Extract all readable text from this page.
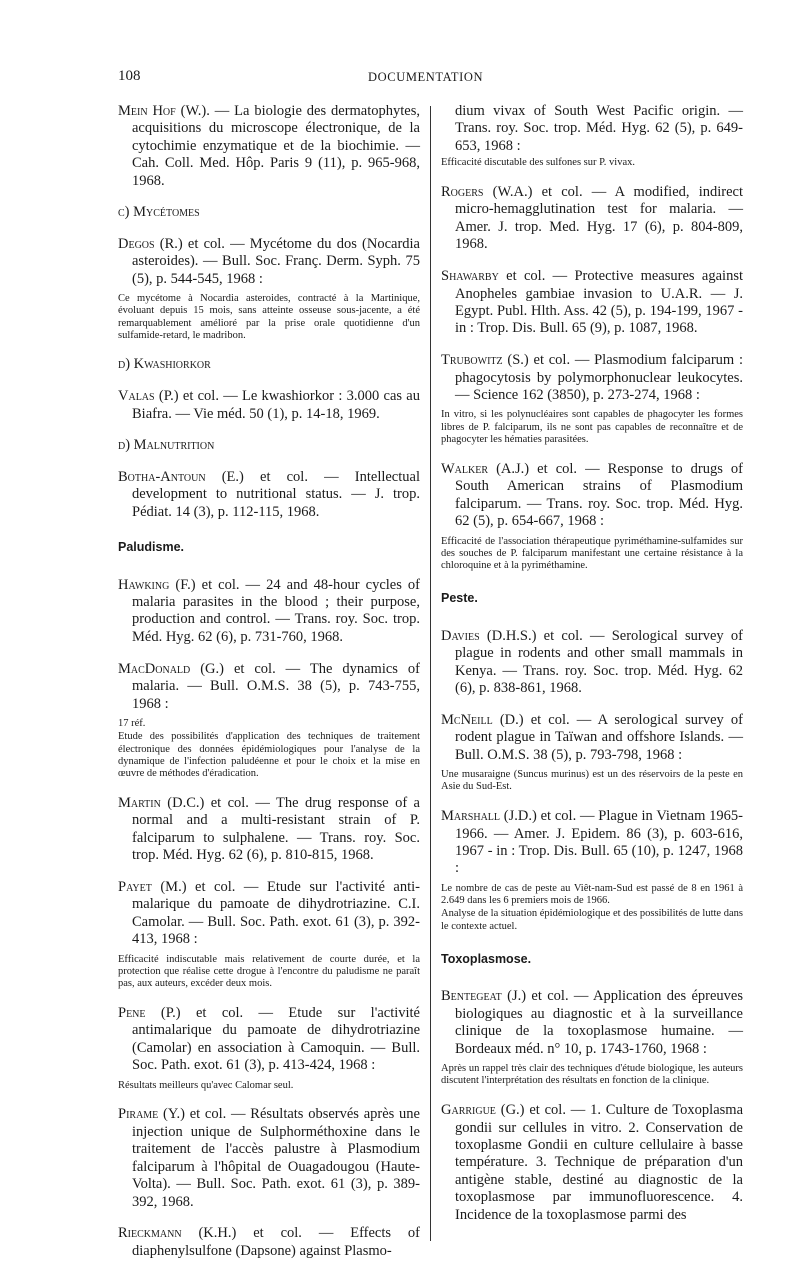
108	DOCUMENTATION

Mein Hof (W.). — La biologie des dermatophytes, acquisitions du microscope électronique, de la cytochimie enzymatique et de la biochimie. — Cah. Coll. Med. Hôp. Paris 9 (11), p. 965-968, 1968.

c) Mycétomes

Degos (R.) et col. — Mycétome du dos (Nocardia asteroides). — Bull. Soc. Franç. Derm. Syph. 75 (5), p. 544-545, 1968 :

Ce mycétome à Nocardia asteroides, contracté à la Martinique, évoluant depuis 15 mois, sans atteinte osseuse sous-jacente, a été remarquablement amélioré par la prise orale quotidienne d'un sulfamide-retard, le madribon.

d) Kwashiorkor

Valas (P.) et col. — Le kwashiorkor : 3.000 cas au Biafra. — Vie méd. 50 (1), p. 14-18, 1969.

d) Malnutrition

Botha-Antoun (E.) et col. — Intellectual development to nutritional status. — J. trop. Pédiat. 14 (3), p. 112-115, 1968.

Paludisme.

Hawking (F.) et col. — 24 and 48-hour cycles of malaria parasites in the blood ; their purpose, production and control. — Trans. roy. Soc. trop. Méd. Hyg. 62 (6), p. 731-760, 1968.

MacDonald (G.) et col. — The dynamics of malaria. — Bull. O.M.S. 38 (5), p. 743-755, 1968 :

17 réf.

Etude des possibilités d'application des techniques de traitement électronique des données épidémiologiques pour l'analyse de la dynamique de l'infection paludéenne et pour le choix et la mise en œuvre de méthodes d'éradication.

Martin (D.C.) et col. — The drug response of a normal and a multi-resistant strain of P. falciparum to sulphalene. — Trans. roy. Soc. trop. Méd. Hyg. 62 (6), p. 810-815, 1968.

Payet (M.) et col. — Etude sur l'activité anti-malarique du pamoate de dihydrotriazine. C.I. Camolar. — Bull. Soc. Path. exot. 61 (3), p. 392-413, 1968 :

Efficacité indiscutable mais relativement de courte durée, et la protection que réalise cette drogue à l'encontre du paludisme ne paraît pas, aux auteurs, excéder deux mois.

Pene (P.) et col. — Etude sur l'activité antimalarique du pamoate de dihydrotriazine (Camolar) en association à Camoquin. — Bull. Soc. Path. exot. 61 (3), p. 413-424, 1968 :

Résultats meilleurs qu'avec Calomar seul.

Pirame (Y.) et col. — Résultats observés après une injection unique de Sulphorméthoxine dans le traitement de l'accès palustre à Plasmodium falciparum à l'hôpital de Ouagadougou (Haute-Volta). — Bull. Soc. Path. exot. 61 (3), p. 389-392, 1968.

Rieckmann (K.H.) et col. — Effects of diaphenylsulfone (Dapsone) against Plasmo-

dium vivax of South West Pacific origin. — Trans. roy. Soc. trop. Méd. Hyg. 62 (5), p. 649-653, 1968 :

Efficacité discutable des sulfones sur P. vivax.

Rogers (W.A.) et col. — A modified, indirect micro-hemagglutination test for malaria. — Amer. J. trop. Med. Hyg. 17 (6), p. 804-809, 1968.

Shawarby et col. — Protective measures against Anopheles gambiae invasion to U.A.R. — J. Egypt. Publ. Hlth. Ass. 42 (5), p. 194-199, 1967 - in : Trop. Dis. Bull. 65 (9), p. 1087, 1968.

Trubowitz (S.) et col. — Plasmodium falciparum : phagocytosis by polymorphonuclear leukocytes. — Science 162 (3850), p. 273-274, 1968 :

In vitro, si les polynucléaires sont capables de phagocyter les formes libres de P. falciparum, ils ne sont pas capables de reconnaître et de phagocyter les hématies parasitées.

Walker (A.J.) et col. — Response to drugs of South American strains of Plasmodium falciparum. — Trans. roy. Soc. trop. Méd. Hyg. 62 (5), p. 654-667, 1968 :

Efficacité de l'association thérapeutique pyriméthamine-sulfamides sur des souches de P. falciparum manifestant une certaine résistance à la chloroquine et à la pyriméthamine.

Peste.

Davies (D.H.S.) et col. — Serological survey of plague in rodents and other small mammals in Kenya. — Trans. roy. Soc. trop. Méd. Hyg. 62 (6), p. 838-861, 1968.

McNeill (D.) et col. — A serological survey of rodent plague in Taïwan and offshore Islands. — Bull. O.M.S. 38 (5), p. 793-798, 1968 :

Une musaraigne (Suncus murinus) est un des réservoirs de la peste en Asie du Sud-Est.

Marshall (J.D.) et col. — Plague in Vietnam 1965-1966. — Amer. J. Epidem. 86 (3), p. 603-616, 1967 - in : Trop. Dis. Bull. 65 (10), p. 1247, 1968 :

Le nombre de cas de peste au Viêt-nam-Sud est passé de 8 en 1961 à 2.649 dans les 6 premiers mois de 1966.

Analyse de la situation épidémiologique et des possibilités de lutte dans le contexte actuel.

Toxoplasmose.

Bentegeat (J.) et col. — Application des épreuves biologiques au diagnostic et à la surveillance clinique de la toxoplasmose humaine. — Bordeaux méd. n° 10, p. 1743-1760, 1968 :

Après un rappel très clair des techniques d'étude biologique, les auteurs discutent l'interprétation des résultats en fonction de la clinique.

Garrigue (G.) et col. — 1. Culture de Toxoplasma gondii sur cellules in vitro. 2. Conservation de toxoplasme Gondii en culture cellulaire à basse température. 3. Technique de préparation d'un antigène stable, destiné au diagnostic de la toxoplasmose par immunofluorescence. 4. Incidence de la toxoplasmose parmi des
